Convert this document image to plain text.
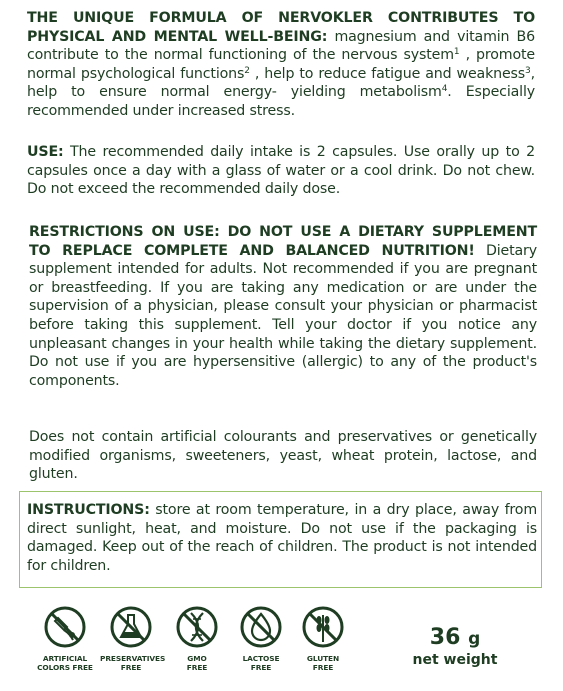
THE UNIQUE FORMULA OF NERVOKLER CONTRIBUTES TO PHYSICAL AND MENTAL WELL-BEING: magnesium and vitamin B6 contribute to the normal functioning of the nervous system$^1$ , promote normal psychological functions$^2$ , help to reduce fatigue and weakness$^3$, help to ensure normal energy- yielding metabolism$^4$. Especially recommended under increased stress.

USE: The recommended daily intake is 2 capsules. Use orally up to 2 capsules once a day with a glass of water or a cool drink. Do not chew. Do not exceed the recommended daily dose.

RESTRICTIONS ON USE: DO NOT USE A DIETARY SUPPLEMENT TO REPLACE COMPLETE AND BALANCED NUTRITION! Dietary supplement intended for adults. Not recommended if you are pregnant or breastfeeding. If you are taking any medication or are under the supervision of a physician, please consult your physician or pharmacist before taking this supplement. Tell your doctor if you notice any unpleasant changes in your health while taking the dietary supplement. Do not use if you are hypersensitive (allergic) to any of the product's components.

Does not contain artificial colourants and preservatives or genetically modified organisms, sweeteners, yeast, wheat protein, lactose, and gluten.

INSTRUCTIONS: store at room temperature, in a dry place, away from direct sunlight, heat, and moisture. Do not use if the packaging is damaged. Keep out of the reach of children. The product is not intended for children.

ARTIFICIAL
COLORS FREE
PRESERVATIVES
FREE
GMO
FREE
LACTOSE
FREE
GLUTEN
FREE
36 g
net weight
